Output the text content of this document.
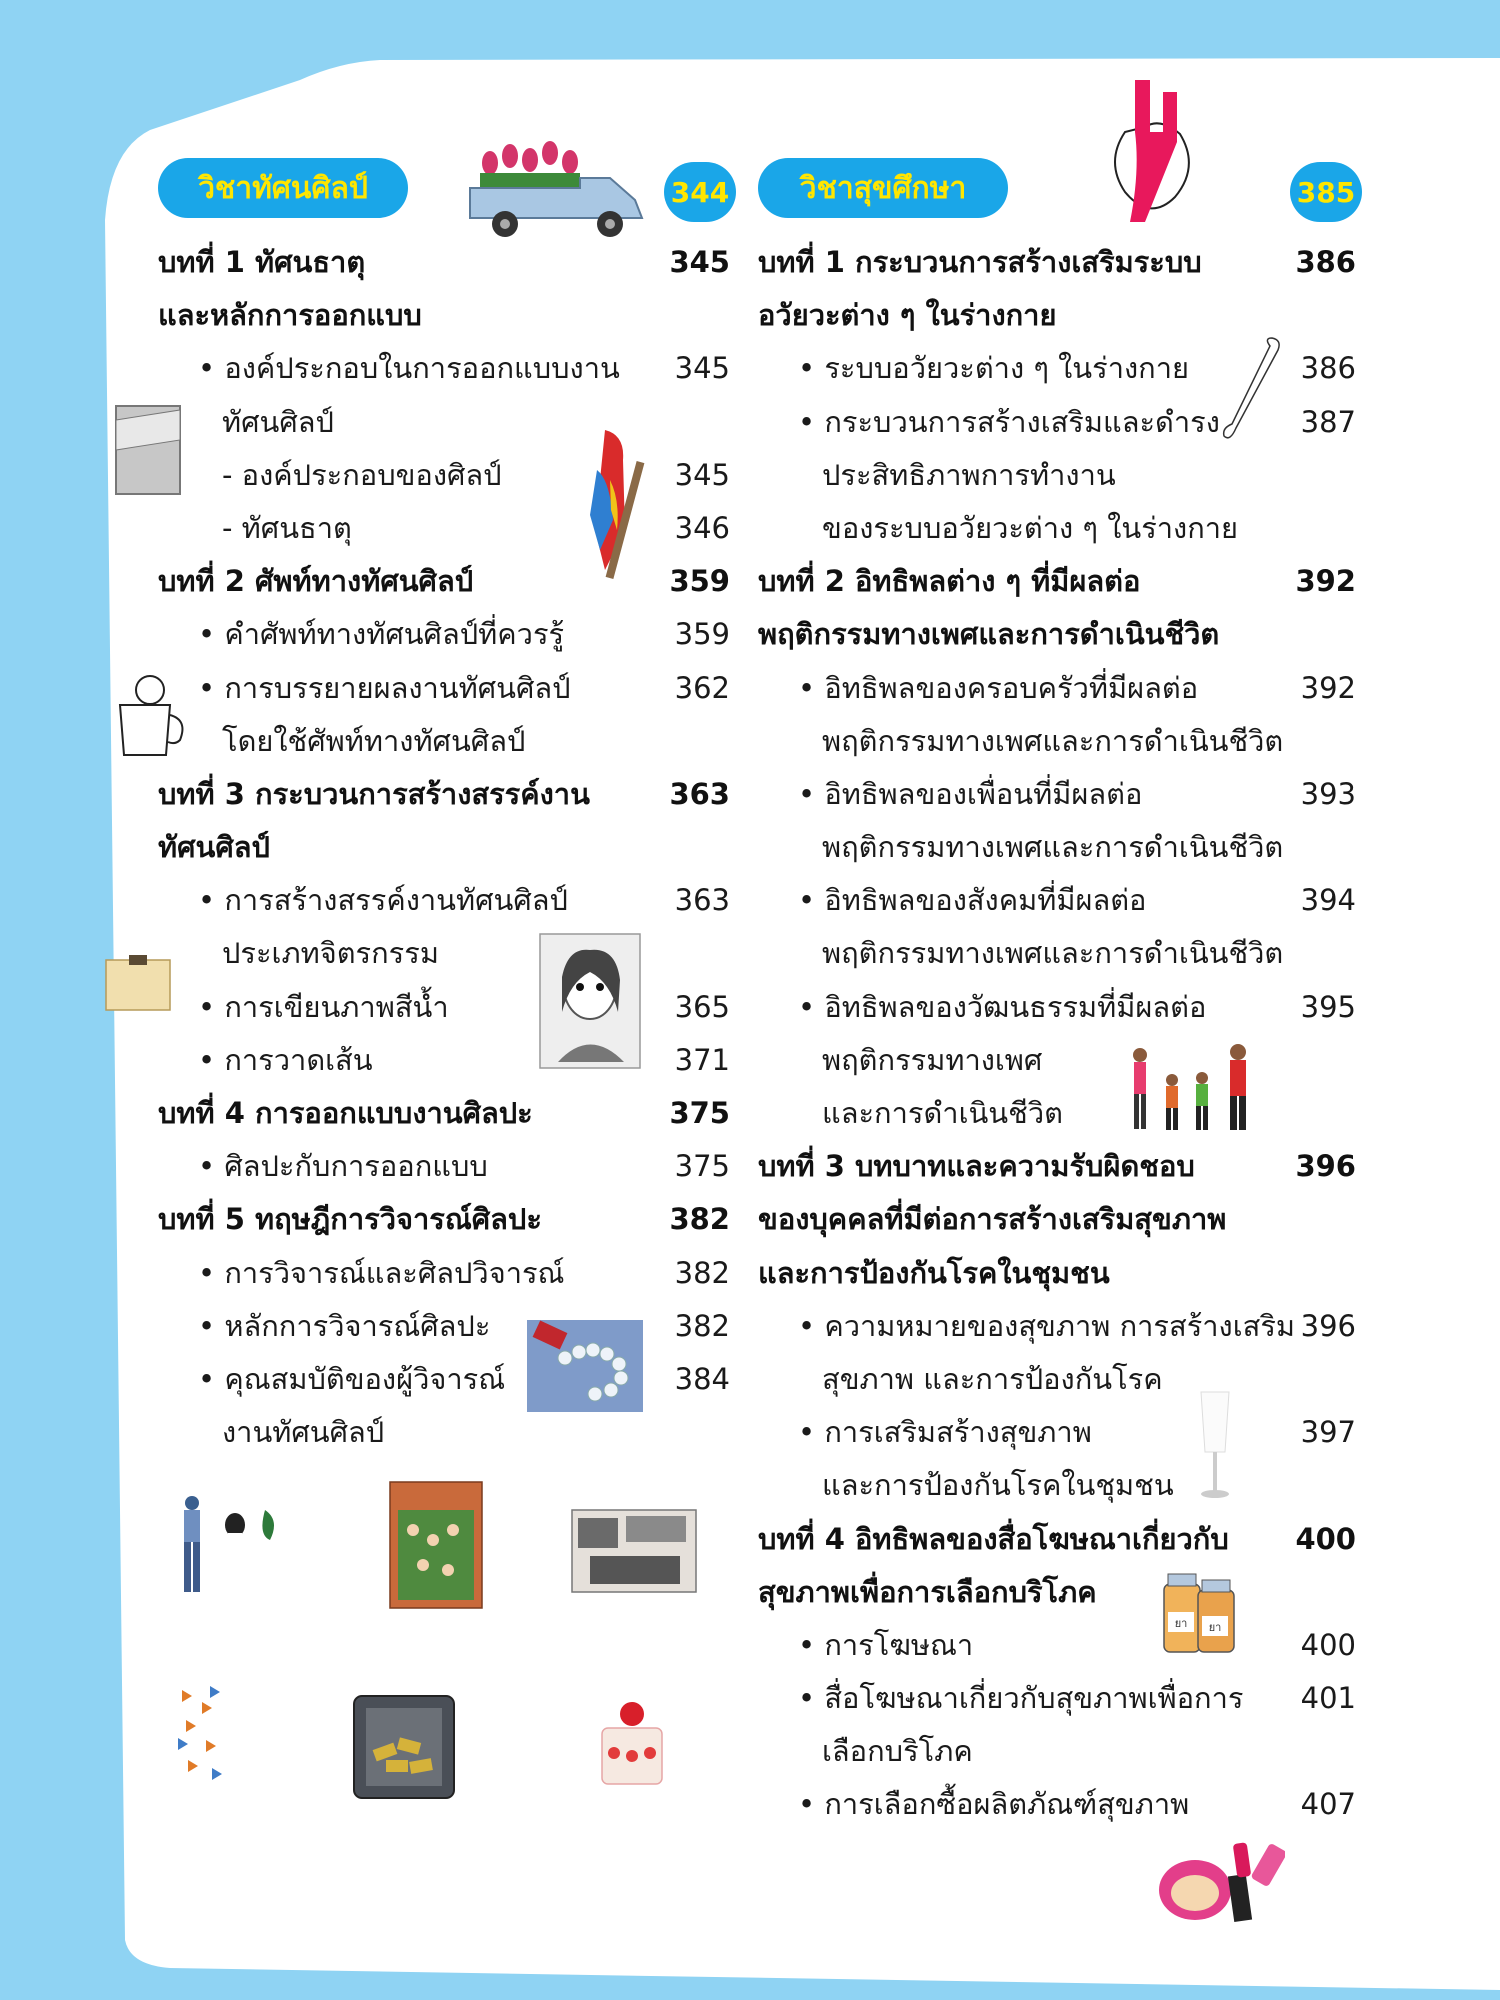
วิชาทัศนศิลป์	344 วิชาสุขศึกษา	385
บทที่ 1 ทัศนธาตุ	345
และหลักการออกแบบ
• องค์ประกอบในการออกแบบงาน 345
ทัศนศิลป์
- องค์ประกอบของศิลป์	345
- ทัศนธาตุ	346
บทที่ 2 ศัพท์ทางทัศนศิลป์	359
• คำศัพท์ทางทัศนศิลป์ที่ควรรู้	359
• การบรรยายผลงานทัศนศิลป์	362
โดยใช้ศัพท์ทางทัศนศิลป์
บทที่ 3 กระบวนการสร้างสรรค์งาน	363
ทัศนศิลป์
• การสร้างสรรค์งานทัศนศิลป์	363
ประเภทจิตรกรรม
• การเขียนภาพสีน้ำ	365
• การวาดเส้น	371
บทที่ 4 การออกแบบงานศิลปะ	375
• ศิลปะกับการออกแบบ	375
บทที่ 5 ทฤษฎีการวิจารณ์ศิลปะ	382
• การวิจารณ์และศิลปวิจารณ์	382
• หลักการวิจารณ์ศิลปะ	382
• คุณสมบัติของผู้วิจารณ์	384
งานทัศนศิลป์
บทที่ 1 กระบวนการสร้างเสริมระบบ	386
อวัยวะต่าง ๆ ในร่างกาย
• ระบบอวัยวะต่าง ๆ ในร่างกาย	386
• กระบวนการสร้างเสริมและดำรง	387
ประสิทธิภาพการทำงาน
ของระบบอวัยวะต่าง ๆ ในร่างกาย
บทที่ 2 อิทธิพลต่าง ๆ ที่มีผลต่อ	392
พฤติกรรมทางเพศและการดำเนินชีวิต
• อิทธิพลของครอบครัวที่มีผลต่อ	392
พฤติกรรมทางเพศและการดำเนินชีวิต
• อิทธิพลของเพื่อนที่มีผลต่อ	393
พฤติกรรมทางเพศและการดำเนินชีวิต
• อิทธิพลของสังคมที่มีผลต่อ	394
พฤติกรรมทางเพศและการดำเนินชีวิต
• อิทธิพลของวัฒนธรรมที่มีผลต่อ	395
พฤติกรรมทางเพศ
และการดำเนินชีวิต
บทที่ 3 บทบาทและความรับผิดชอบ	396
ของบุคคลที่มีต่อการสร้างเสริมสุขภาพ
และการป้องกันโรคในชุมชน
• ความหมายของสุขภาพ การสร้างเสริม 396
สุขภาพ และการป้องกันโรค
• การเสริมสร้างสุขภาพ	397
และการป้องกันโรคในชุมชน
บทที่ 4 อิทธิพลของสื่อโฆษณาเกี่ยวกับ 400
สุขภาพเพื่อการเลือกบริโภค
• การโฆษณา	400
• สื่อโฆษณาเกี่ยวกับสุขภาพเพื่อการ 401
เลือกบริโภค
• การเลือกซื้อผลิตภัณฑ์สุขภาพ	407
ยา ยา
